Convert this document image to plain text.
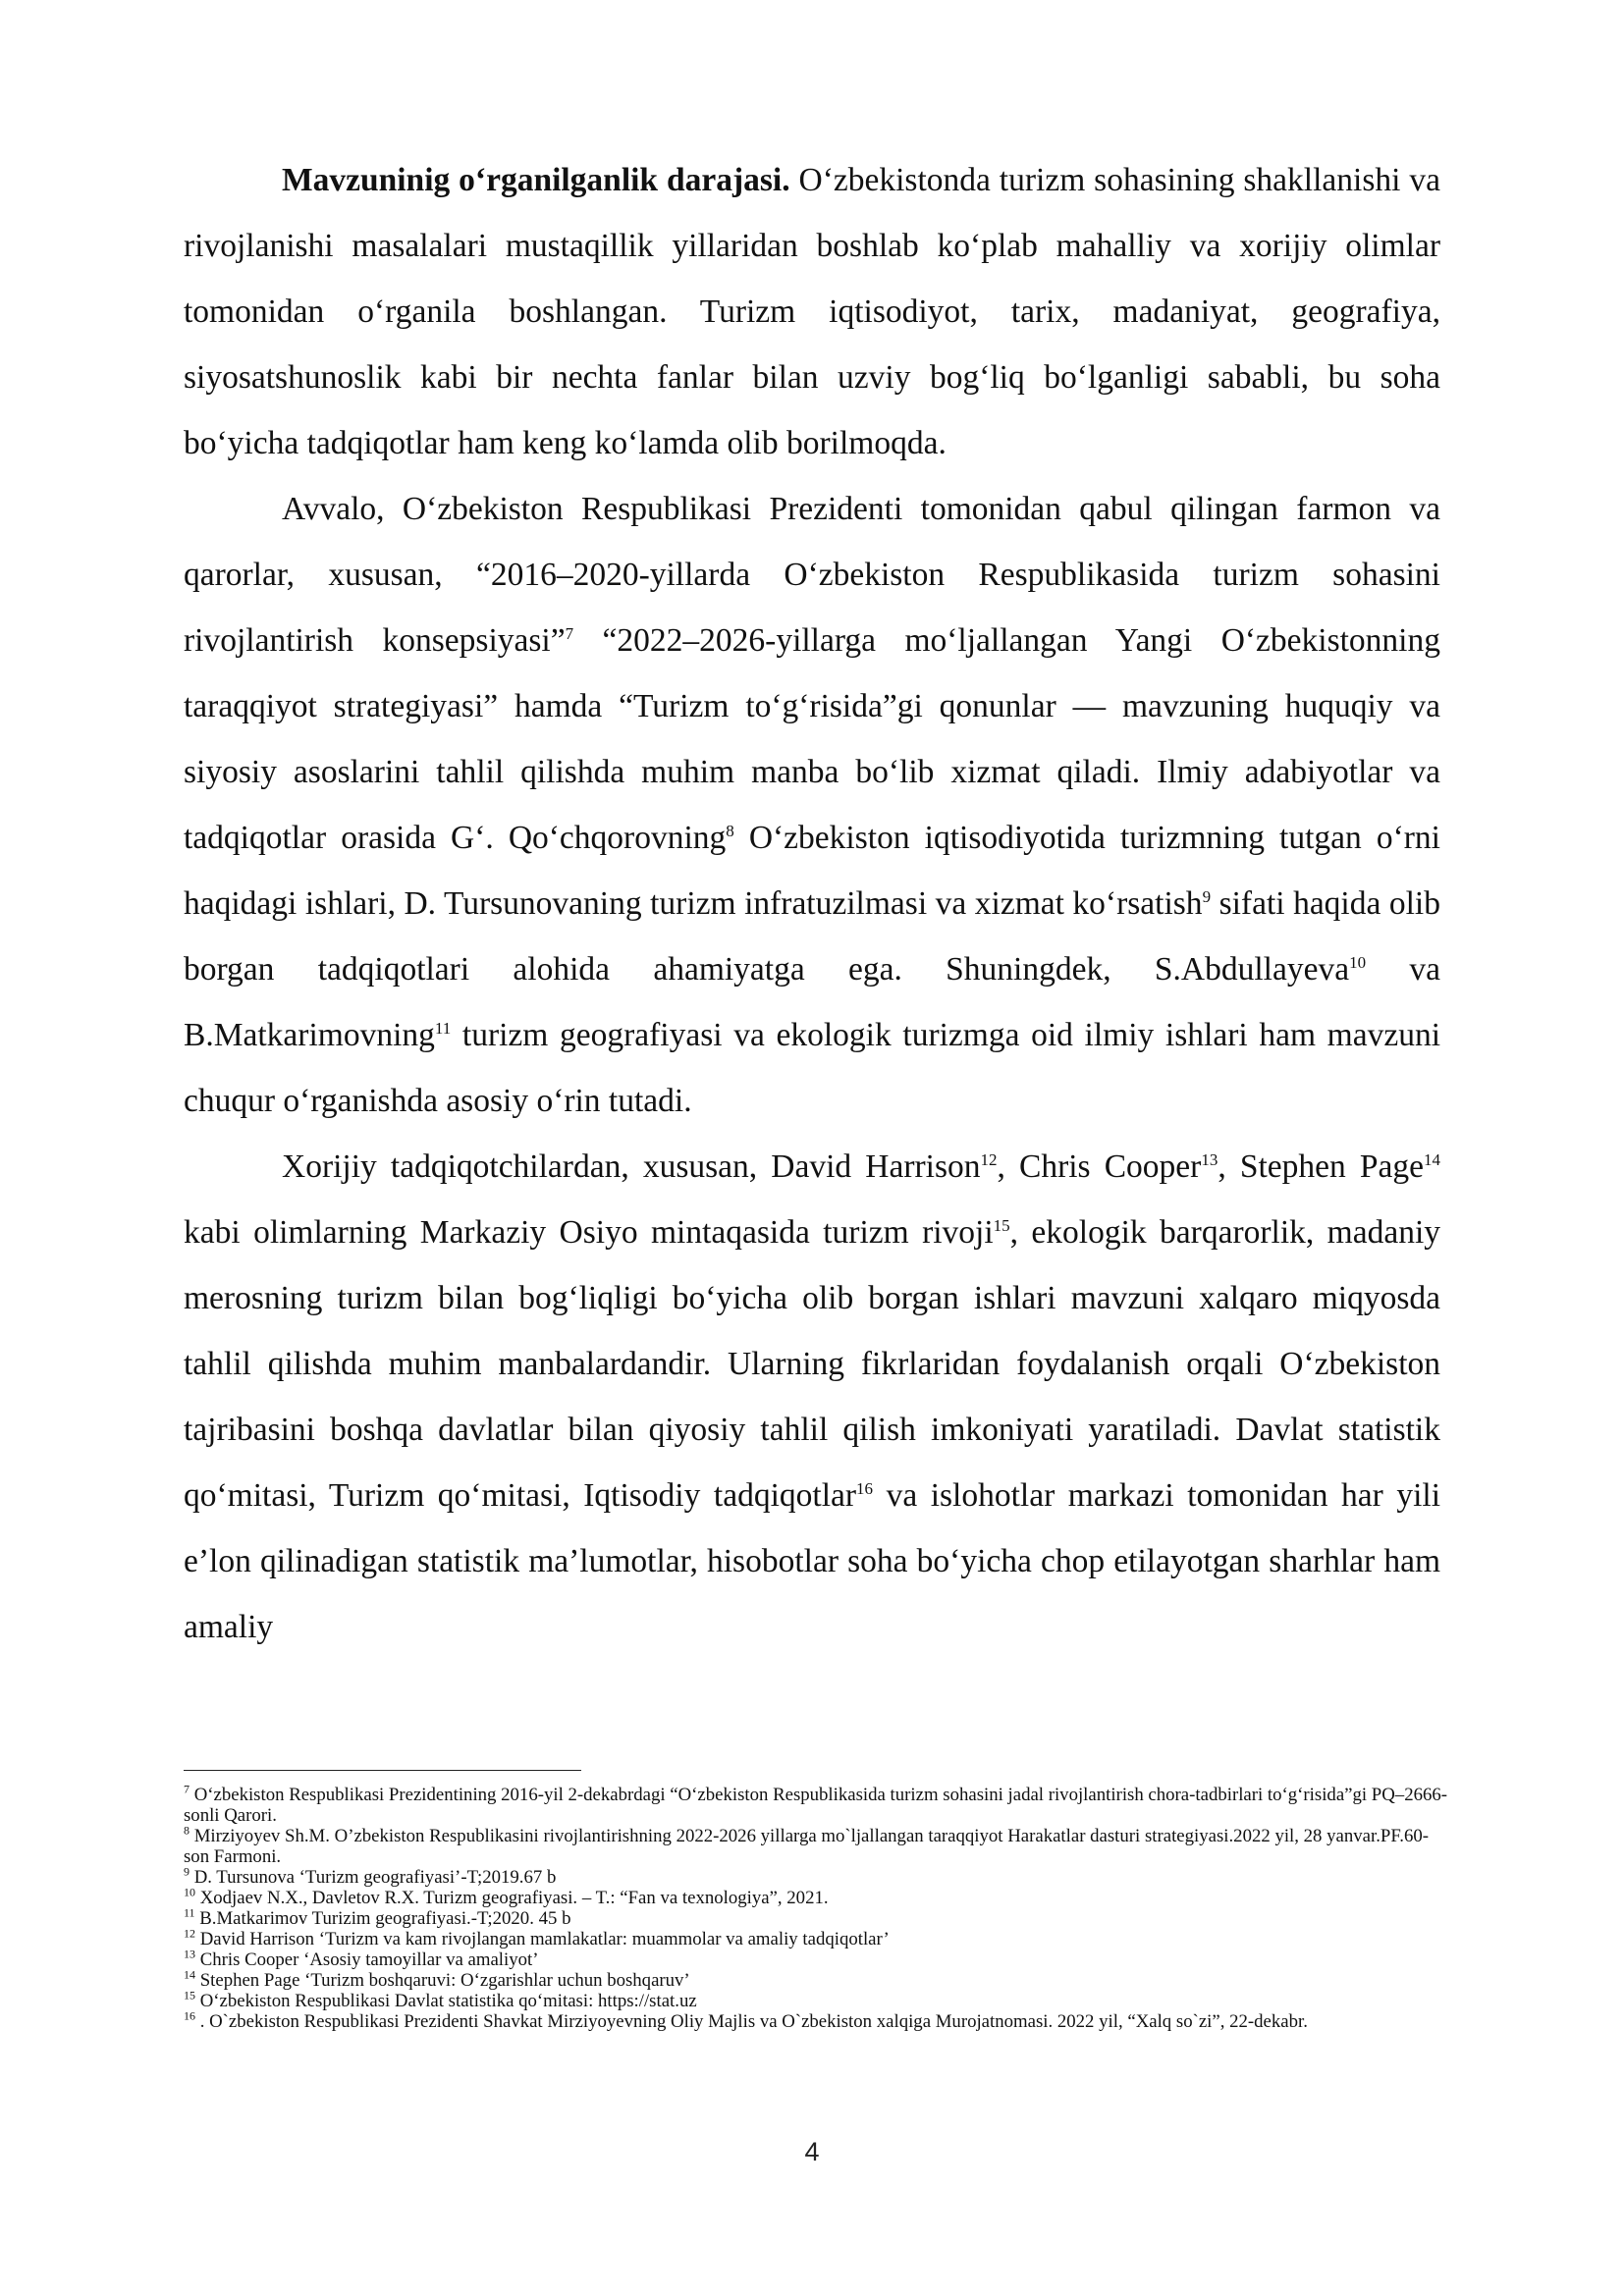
Mavzuninig o‘rganilganlik darajasi. O‘zbekistonda turizm sohasining shakllanishi va rivojlanishi masalalari mustaqillik yillaridan boshlab ko‘plab mahalliy va xorijiy olimlar tomonidan o‘rganila boshlangan. Turizm iqtisodiyot, tarix, madaniyat, geografiya, siyosatshunoslik kabi bir nechta fanlar bilan uzviy bog‘liq bo‘lganligi sababli, bu soha bo‘yicha tadqiqotlar ham keng ko‘lamda olib borilmoqda.

Avvalo, O‘zbekiston Respublikasi Prezidenti tomonidan qabul qilingan farmon va qarorlar, xususan, “2016–2020-yillarda O‘zbekiston Respublikasida turizm sohasini rivojlantirish konsepsiyasi”$^7$ “2022–2026-yillarga mo‘ljallangan Yangi O‘zbekistonning taraqqiyot strategiyasi” hamda “Turizm to‘g‘risida”gi qonunlar — mavzuning huquqiy va siyosiy asoslarini tahlil qilishda muhim manba bo‘lib xizmat qiladi. Ilmiy adabiyotlar va tadqiqotlar orasida G‘. Qo‘chqorovning$^8$ O‘zbekiston iqtisodiyotida turizmning tutgan o‘rni haqidagi ishlari, D. Tursunovaning turizm infratuzilmasi va xizmat ko‘rsatish$^9$ sifati haqida olib borgan tadqiqotlari alohida ahamiyatga ega. Shuningdek, S.Abdullayeva$^{10}$ va B.Matkarimovning$^{11}$ turizm geografiyasi va ekologik turizmga oid ilmiy ishlari ham mavzuni chuqur o‘rganishda asosiy o‘rin tutadi.

Xorijiy tadqiqotchilardan, xususan, David Harrison$^{12}$, Chris Cooper$^{13}$, Stephen Page$^{14}$ kabi olimlarning Markaziy Osiyo mintaqasida turizm rivoji$^{15}$, ekologik barqarorlik, madaniy merosning turizm bilan bog‘liqligi bo‘yicha olib borgan ishlari mavzuni xalqaro miqyosda tahlil qilishda muhim manbalardandir. Ularning fikrlaridan foydalanish orqali O‘zbekiston tajribasini boshqa davlatlar bilan qiyosiy tahlil qilish imkoniyati yaratiladi. Davlat statistik qo‘mitasi, Turizm qo‘mitasi, Iqtisodiy tadqiqotlar$^{16}$ va islohotlar markazi tomonidan har yili e’lon qilinadigan statistik ma’lumotlar, hisobotlar soha bo‘yicha chop etilayotgan sharhlar ham amaliy

$^7$ O‘zbekiston Respublikasi Prezidentining 2016-yil 2-dekabrdagi “O‘zbekiston Respublikasida turizm sohasini jadal rivojlantirish chora-tadbirlari to‘g‘risida”gi PQ–2666-sonli Qarori.

$^8$ Mirziyoyev Sh.M. O’zbekiston Respublikasini rivojlantirishning 2022-2026 yillarga mo`ljallangan taraqqiyot Harakatlar dasturi strategiyasi.2022 yil, 28 yanvar.PF.60-son Farmoni.

$^9$ D. Tursunova ‘Turizm geografiyasi’-T;2019.67 b

$^{10}$ Xodjaev N.X., Davletov R.X. Turizm geografiyasi. – T.: “Fan va texnologiya”, 2021.

$^{11}$ B.Matkarimov Turizim geografiyasi.-T;2020. 45 b

$^{12}$ David Harrison ‘Turizm va kam rivojlangan mamlakatlar: muammolar va amaliy tadqiqotlar’

$^{13}$ Chris Cooper ‘Asosiy tamoyillar va amaliyot’

$^{14}$ Stephen Page ‘Turizm boshqaruvi: O‘zgarishlar uchun boshqaruv’

$^{15}$ O‘zbekiston Respublikasi Davlat statistika qo‘mitasi: https://stat.uz

$^{16}$ . O`zbekiston Respublikasi Prezidenti Shavkat Mirziyoyevning Oliy Majlis va O`zbekiston xalqiga Murojatnomasi. 2022 yil, “Xalq so`zi”, 22-dekabr.

4
